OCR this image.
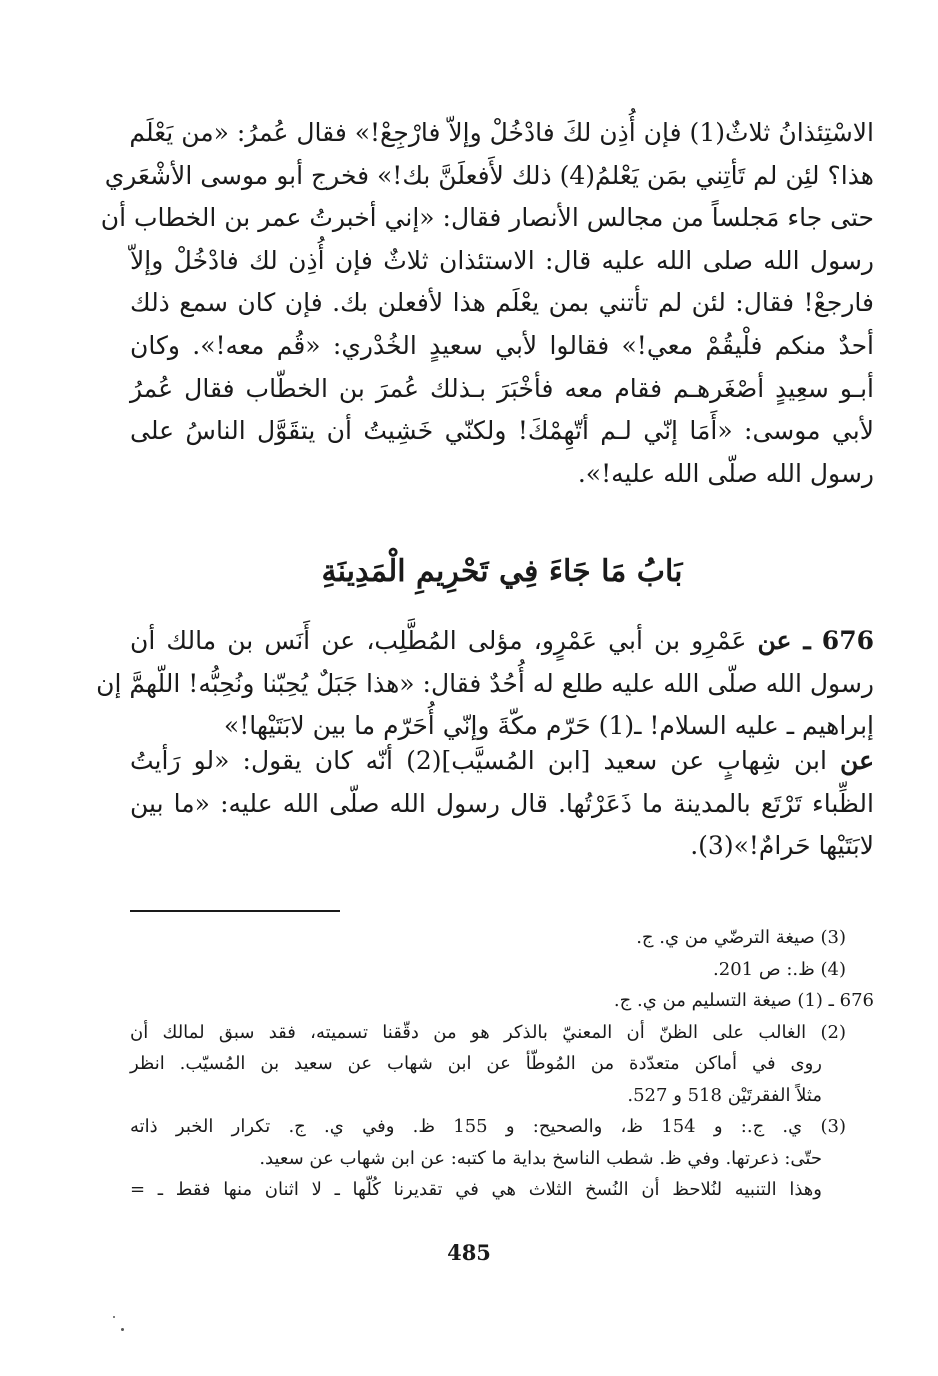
الاسْتِئذانُ ثلاثٌ(1) فإن أُذِن لكَ فادْخُلْ وإلاّ فارْجِعْ!» فقال عُمرُ: «من يَعْلَم
هذا؟ لئِن لم تَأتِني بمَن يَعْلمُ(4) ذلك لأَفعلَنَّ بك!» فخرج أبو موسى الأشْعَري
حتى جاء مَجلساً من مجالس الأنصار فقال: «إني أخبرتُ عمر بن الخطاب أن
رسول الله صلى الله عليه قال: الاستئذان ثلاثٌ فإن أُذِن لك فادْخُلْ وإلاّ
فارجعْ! فقال: لئن لم تأتني بمن يعْلَم هذا لأفعلن بك. فإن كان سمع ذلك
أحدٌ منكم فلْيقُمْ معي!» فقالوا لأبي سعيدٍ الخُدْري: «قُم معه!». وكان
أبـو سعِيدٍ أصْغَرهـم فقام معه فأخْبَرَ بـذلك عُمرَ بن الخطّاب فقال عُمرُ
لأبي موسى: «أَمَا إنّي لـم أتّهِمْكَ! ولكنّي خَشِيتُ أن يتقَوَّل الناسُ على
رسول الله صلّى الله عليه!».

بَابُ مَا جَاءَ فِي تَحْرِيمِ الْمَدِينَةِ

676 ـ عن عَمْرِو بن أبي عَمْرٍو، مؤلى المُطَّلِب، عن أَنَس بن مالك أن
رسول الله صلّى الله عليه طلع له أُحُدٌ فقال: «هذا جَبَلٌ يُحِبّنا ونُحِبُّه! اللّهمَّ إن
إبراهيم ـ عليه السلام! ـ(1) حَرّم مكّةَ وإنّي أُحَرّم ما بين لابَتَيْها!»

عن ابن شِهابٍ عن سعيد [ابن المُسيَّب](2) أنّه كان يقول: «لو رَأيتُ
الظِّباء تَرْتَع بالمدينة ما ذَعَرْتُها. قال رسول الله صلّى الله عليه: «ما بين
لابَتَيْها حَرامٌ!»(3).

(3) صيغة الترضّي من ي. ج.
(4) ظ.: ص 201.
676 ـ (1) صيغة التسليم من ي. ج.
(2) الغالب على الظنّ أن المعنيّ بالذكر هو من دقّقنا تسميته، فقد سبق لمالك أن
روى في أماكن متعدّدة من المُوطّأ عن ابن شهاب عن سعيد بن المُسيّب. انظر
مثلاً الفقرتَيْن 518 و 527.
(3) ي. ج.: و 154 ظ، والصحيح: و 155 ظ. وفي ي. ج. تكرار الخبر ذاته
حتّى: ذعرتها. وفي ظ. شطب الناسخ بداية ما كتبه: عن ابن شهاب عن سعيد.
وهذا التنبيه لنُلاحظ أن النُسخ الثلاث هي في تقديرنا كُلّها ـ لا اثنان منها فقط ـ =
485
